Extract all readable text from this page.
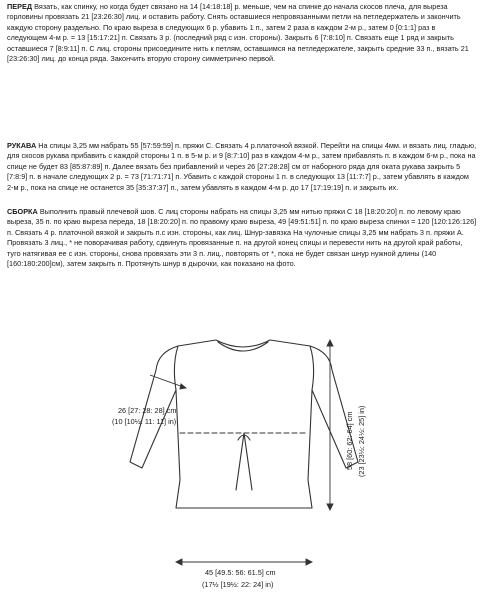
ПЕРЕД Вязать, как спинку, но когда будет связано на 14 [14:18:18] р. меньше, чем на спинке до начала скосов плеча, для выреза горловины провязать 21 [23:26:30] лиц. и оставить работу. Снять оставшиеся непровязанными петли на петледержатель и закончить каждую сторону раздельно. По краю выреза в следующих 6 р. убавить 1 п., затем 2 раза в каждом 2-м р., затем 0 [0:1:1] раз в следующем 4-м р. = 13 [15:17:21] п. Связать 3 р. (последний ряд с изн. стороны). Закрыть 6 [7:8:10] п. Связать еще 1 ряд и закрыть оставшиеся 7 [8:9:11] п. С лиц. стороны присоедините нить к петлям, оставшимся на петледержателе, закрыть средние 33 п., вязать 21 [23:26:30] лиц. до конца ряда. Закончить вторую сторону симметрично первой.
РУКАВА На спицы 3,25 мм набрать 55 [57:59:59] п. пряжи С. Связать 4 р.платочной вязкой. Перейти на спицы 4мм. и вязать лиц. гладью, для скосов рукава прибавить с каждой стороны 1 п. в 5-м р. и 9 [8:7:10] раз в каждом 4-м р., затем прибавлять п. в каждом 6-м р., пока на спице не будет 83 [85:87:89] п. Далее вязать без прибавлений и через 26 [27:28:28] см от наборного ряда для оката рукава закрыть 5 [7:8:9] п. в начале следующих 2 р. = 73 [71:71:71] п. Убавить с каждой стороны 1 п. в следующих 13 [11:7:7] р., затем убавлять в каждом 2-м р., пока на спице не останется 35 [35:37:37] п., затем убавлять в каждом 4-м р. до 17 [17:19:19] п. и закрыть их.
СБОРКА Выполнить правый плечевой шов. С лиц стороны набрать на спицы 3,25 мм нитью пряжи С 18 [18:20:20] п. по левому краю выреза, 35 п. по краю выреза переда, 18 [18:20:20] п. по правому краю выреза, 49 [49:51:51] п. по краю выреза спинки = 120 [120:126:126] п. Связать 4 р. платочной вязкой и закрыть п.с изн. стороны, как лиц. Шнур-завязка На чулочные спицы 3,25 мм набрать 3 п. пряжи А. Провязать 3 лиц., * не поворачивая работу, сдвинуть провязанные п. на другой конец спицы и перевести нить на другой край работы, туго натягивая ее с изн. стороны, снова провязать эти 3 п. лиц., повторять от *, пока не будет связан шнур нужной длины (140 [160:180:200]см), затем закрыть п. Протянуть шнур в дырочки, как показано на фото.
26 [27: 28: 28] cm
(10 [10½: 11: 11] in)	58 [60: 62: 64] cm (23 [23½: 24½: 25] in)
45 [49.5: 56: 61.5] cm
(17½ [19½: 22: 24] in)
